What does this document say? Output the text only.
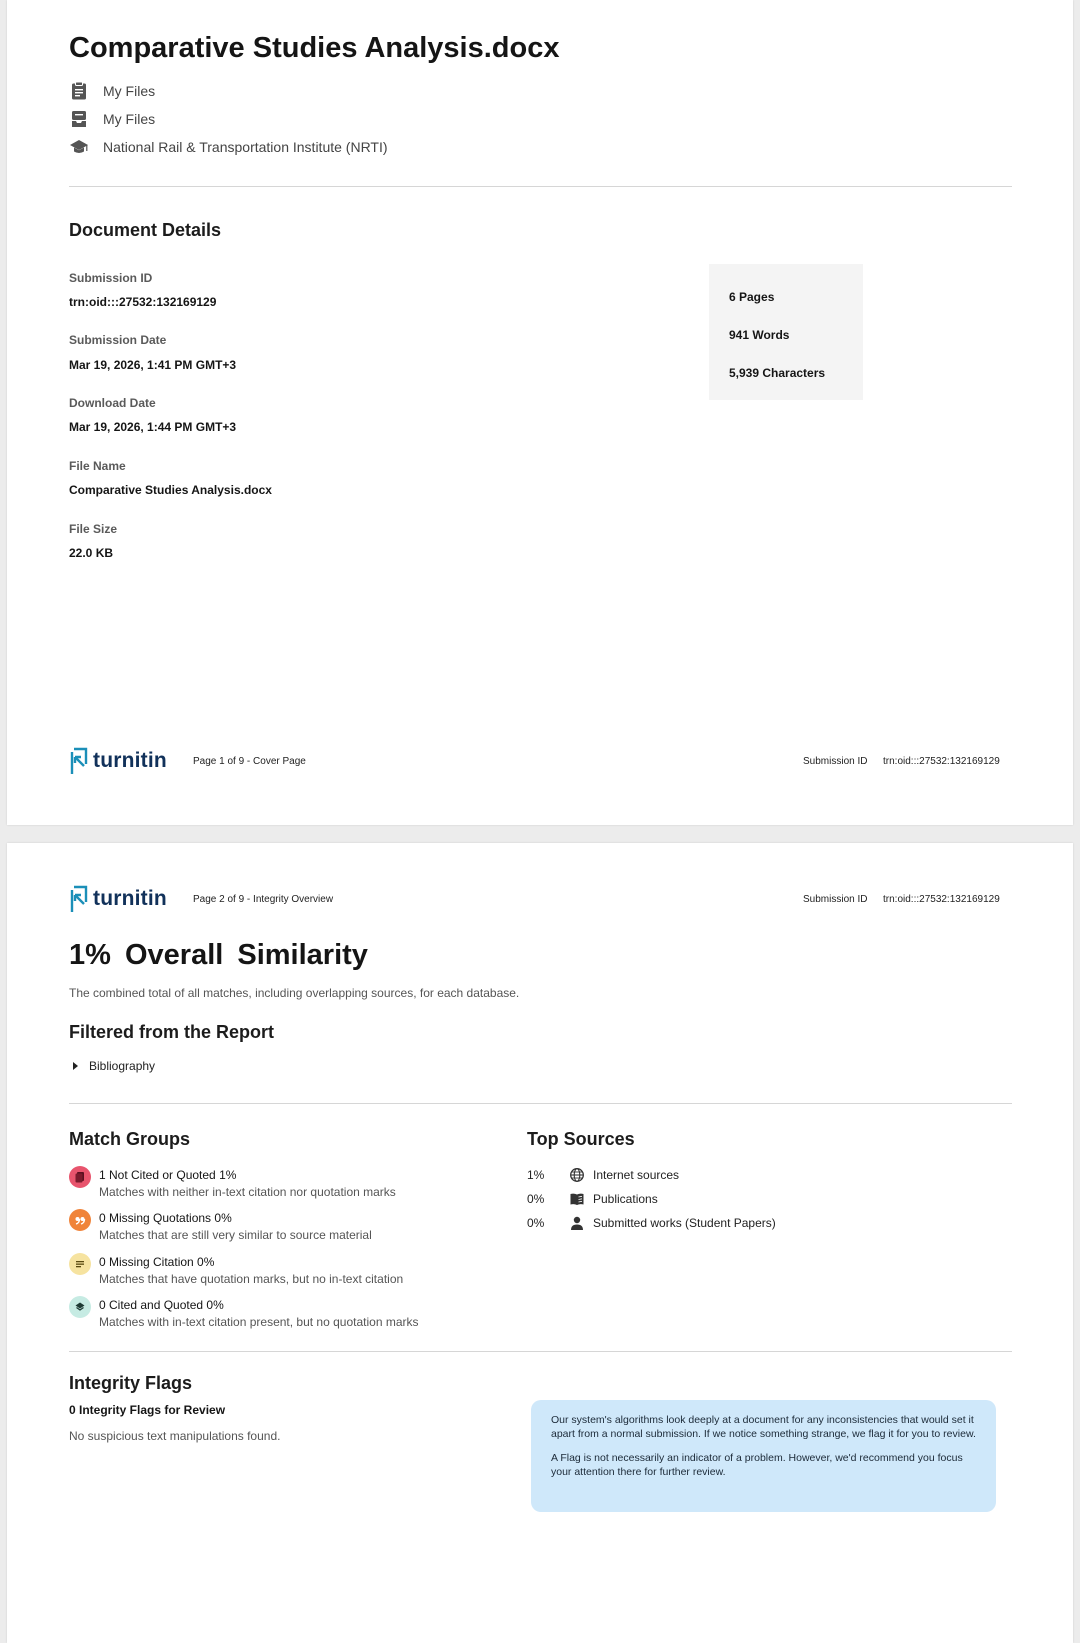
Comparative Studies Analysis.docx
My Files
My Files
National Rail & Transportation Institute (NRTI)
Document Details
Submission ID
trn:oid:::27532:132169129
Submission Date
Mar 19, 2026, 1:41 PM GMT+3
Download Date
Mar 19, 2026, 1:44 PM GMT+3
File Name
Comparative Studies Analysis.docx
File Size
22.0 KB
6 Pages
941 Words
5,939 Characters
turnitin	Page 1 of 9 - Cover Page	Submission ID trn:oid:::27532:132169129
turnitin	Page 2 of 9 - Integrity Overview	Submission ID trn:oid:::27532:132169129
1% Overall Similarity
The combined total of all matches, including overlapping sources, for each database.
Filtered from the Report
Bibliography
Match Groups
1 Not Cited or Quoted 1%
Matches with neither in-text citation nor quotation marks
0 Missing Quotations 0%
Matches that are still very similar to source material
0 Missing Citation 0%
Matches that have quotation marks, but no in-text citation
0 Cited and Quoted 0%
Matches with in-text citation present, but no quotation marks
Top Sources
1%	Internet sources
0%	Publications
0%	Submitted works (Student Papers)
Integrity Flags
0 Integrity Flags for Review
No suspicious text manipulations found.

Our system's algorithms look deeply at a document for any inconsistencies that would set it apart from a normal submission. If we notice something strange, we flag it for you to review.

A Flag is not necessarily an indicator of a problem. However, we'd recommend you focus your attention there for further review.
